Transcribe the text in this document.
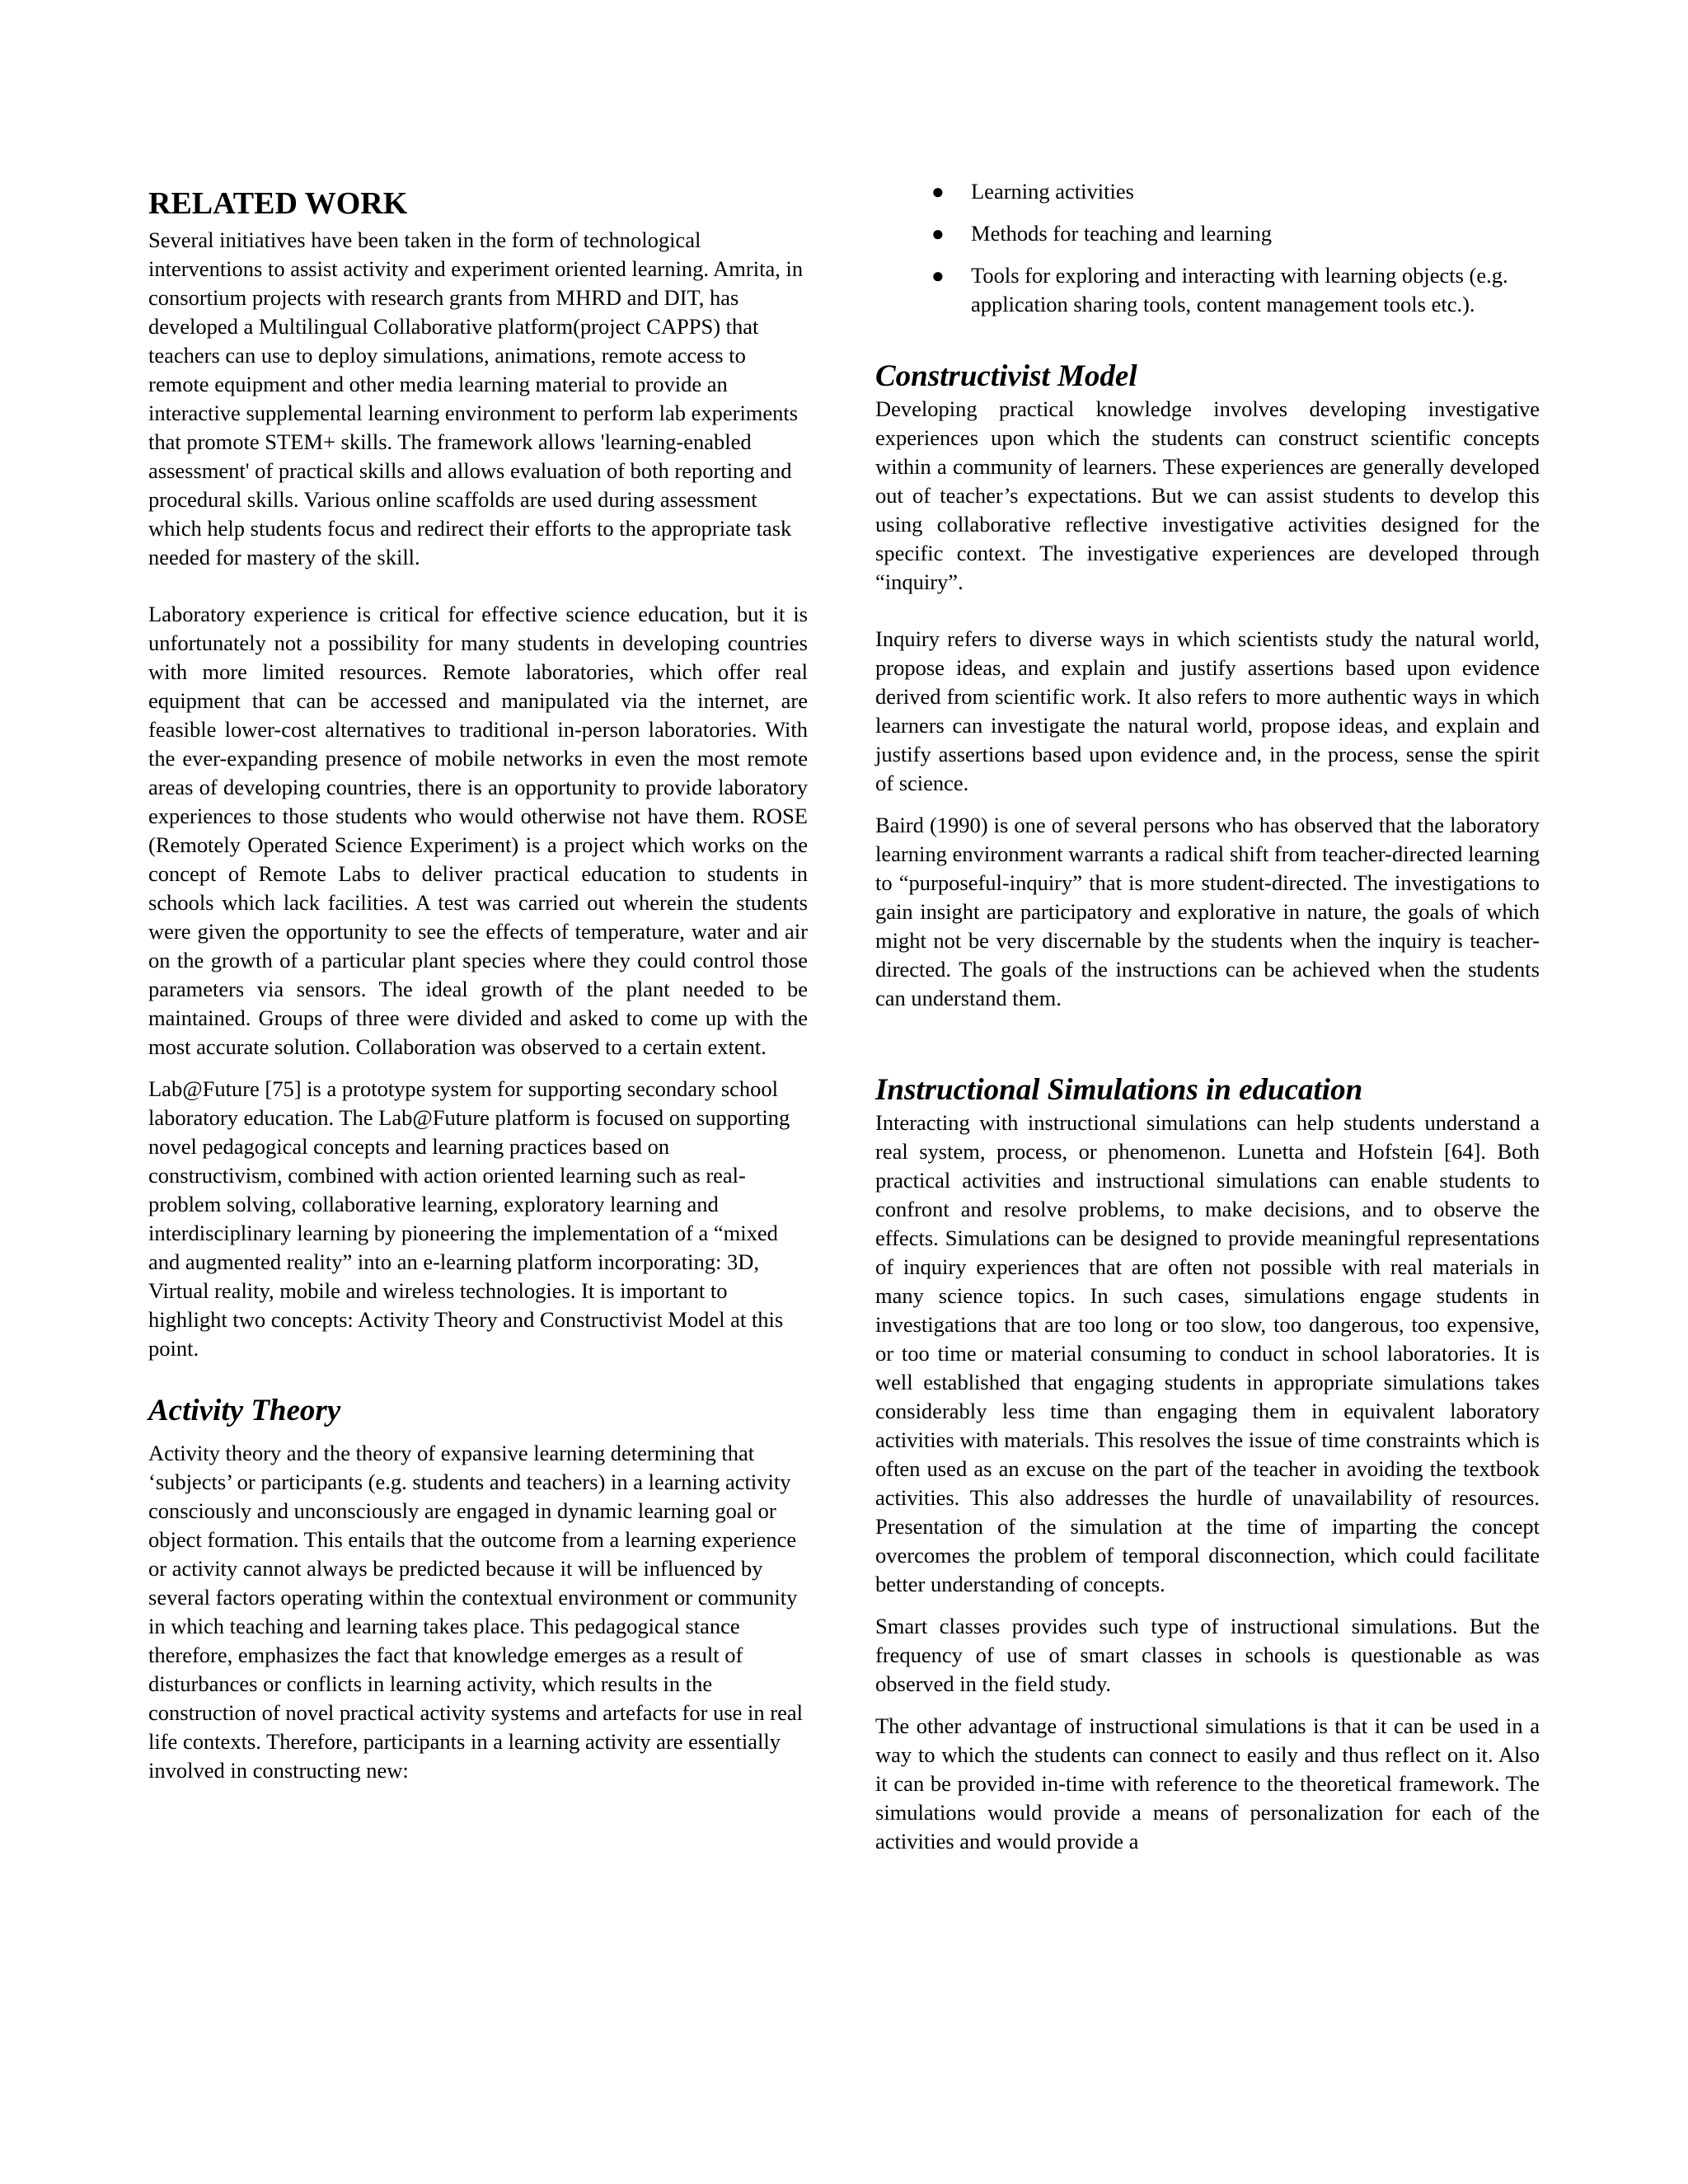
RELATED WORK

Several initiatives have been taken in the form of technological interventions to assist activity and experiment oriented learning. Amrita, in consortium projects with research grants from MHRD and DIT, has developed a Multilingual Collaborative platform(project CAPPS) that teachers can use to deploy simulations, animations, remote access to remote equipment and other media learning material to provide an interactive supplemental learning environment to perform lab experiments that promote STEM+ skills. The framework allows 'learning-enabled assessment' of practical skills and allows evaluation of both reporting and procedural skills. Various online scaffolds are used during assessment which help students focus and redirect their efforts to the appropriate task needed for mastery of the skill.

Laboratory experience is critical for effective science education, but it is unfortunately not a possibility for many students in developing countries with more limited resources. Remote laboratories, which offer real equipment that can be accessed and manipulated via the internet, are feasible lower-cost alternatives to traditional in-person laboratories. With the ever-expanding presence of mobile networks in even the most remote areas of developing countries, there is an opportunity to provide laboratory experiences to those students who would otherwise not have them. ROSE (Remotely Operated Science Experiment) is a project which works on the concept of Remote Labs to deliver practical education to students in schools which lack facilities. A test was carried out wherein the students were given the opportunity to see the effects of temperature, water and air on the growth of a particular plant species where they could control those parameters via sensors. The ideal growth of the plant needed to be maintained. Groups of three were divided and asked to come up with the most accurate solution. Collaboration was observed to a certain extent.

Lab@Future [75] is a prototype system for supporting secondary school laboratory education. The Lab@Future platform is focused on supporting novel pedagogical concepts and learning practices based on constructivism, combined with action oriented learning such as real-problem solving, collaborative learning, exploratory learning and interdisciplinary learning by pioneering the implementation of a “mixed and augmented reality” into an e-learning platform incorporating: 3D, Virtual reality, mobile and wireless technologies. It is important to highlight two concepts: Activity Theory and Constructivist Model at this point.

Activity Theory

Activity theory and the theory of expansive learning determining that ‘subjects’ or participants (e.g. students and teachers) in a learning activity consciously and unconsciously are engaged in dynamic learning goal or object formation. This entails that the outcome from a learning experience or activity cannot always be predicted because it will be influenced by several factors operating within the contextual environment or community in which teaching and learning takes place. This pedagogical stance therefore, emphasizes the fact that knowledge emerges as a result of disturbances or conflicts in learning activity, which results in the construction of novel practical activity systems and artefacts for use in real life contexts. Therefore, participants in a learning activity are essentially involved in constructing new:

● Learning activities
● Methods for teaching and learning
● Tools for exploring and interacting with learning objects (e.g. application sharing tools, content management tools etc.).
Constructivist Model

Developing practical knowledge involves developing investigative experiences upon which the students can construct scientific concepts within a community of learners. These experiences are generally developed out of teacher’s expectations. But we can assist students to develop this using collaborative reflective investigative activities designed for the specific context. The investigative experiences are developed through “inquiry”.

Inquiry refers to diverse ways in which scientists study the natural world, propose ideas, and explain and justify assertions based upon evidence derived from scientific work. It also refers to more authentic ways in which learners can investigate the natural world, propose ideas, and explain and justify assertions based upon evidence and, in the process, sense the spirit of science.

Baird (1990) is one of several persons who has observed that the laboratory learning environment warrants a radical shift from teacher-directed learning to “purposeful-inquiry” that is more student-directed. The investigations to gain insight are participatory and explorative in nature, the goals of which might not be very discernable by the students when the inquiry is teacher-directed. The goals of the instructions can be achieved when the students can understand them.

Instructional Simulations in education

Interacting with instructional simulations can help students understand a real system, process, or phenomenon. Lunetta and Hofstein [64]. Both practical activities and instructional simulations can enable students to confront and resolve problems, to make decisions, and to observe the effects. Simulations can be designed to provide meaningful representations of inquiry experiences that are often not possible with real materials in many science topics. In such cases, simulations engage students in investigations that are too long or too slow, too dangerous, too expensive, or too time or material consuming to conduct in school laboratories. It is well established that engaging students in appropriate simulations takes considerably less time than engaging them in equivalent laboratory activities with materials. This resolves the issue of time constraints which is often used as an excuse on the part of the teacher in avoiding the textbook activities. This also addresses the hurdle of unavailability of resources. Presentation of the simulation at the time of imparting the concept overcomes the problem of temporal disconnection, which could facilitate better understanding of concepts.

Smart classes provides such type of instructional simulations. But the frequency of use of smart classes in schools is questionable as was observed in the field study.

The other advantage of instructional simulations is that it can be used in a way to which the students can connect to easily and thus reflect on it. Also it can be provided in-time with reference to the theoretical framework. The simulations would provide a means of personalization for each of the activities and would provide a
